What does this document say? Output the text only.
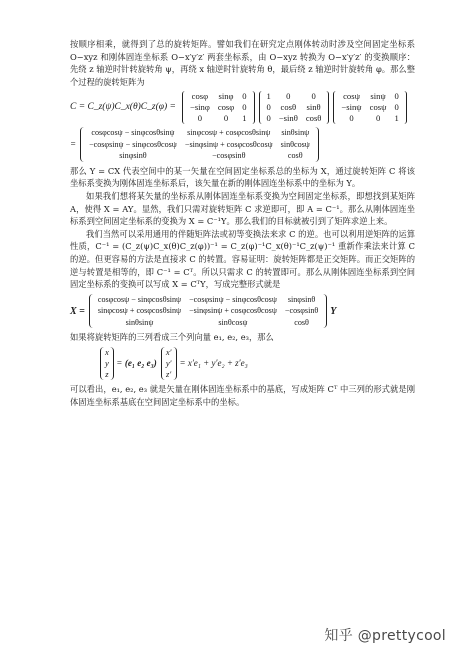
按顺序相乘，就得到了总的旋转矩阵。譬如我们在研究定点刚体转动时涉及空间固定坐标系 O−xyz 和刚体固连坐标系 O−x′y′z′ 两套坐标系，由 O−xyz 转换为 O−x′y′z′ 的变换顺序：先绕 z 轴逆时针转旋转角 ψ，再绕 x 轴逆时针旋转角 θ，最后绕 z 轴逆时针旋转角 φ。那么整个过程的旋转矩阵为

C = C_z(ψ)C_x(θ)C_z(φ) =
cosφ	sinφ	0
−sinφ	cosφ	0
0	0	1
1	0	0
0	cosθ	sinθ
0	−sinθ	cosθ
cosψ	sinψ	0
−sinψ	cosψ	0
0	0	1
=
cosφcosψ − sinφcosθsinψ	sinφcosψ + cosφcosθsinψ	sinθsinψ
−cosφsinψ − sinφcosθcosψ	−sinφsinψ + cosφcosθcosψ	sinθcosψ
sinφsinθ	−cosφsinθ	cosθ

那么 Y = CX 代表空间中的某一矢量在空间固定坐标系总的坐标为 X，通过旋转矩阵 C 将该坐标系变换为刚体固连坐标系后，该矢量在新的刚体固连坐标系中的坐标为 Y。

如果我们想将某矢量的坐标系从刚体固连坐标系变换为空间固定坐标系，即想找到某矩阵 A，使得 X = AY。显然，我们只需对旋转矩阵 C 求逆即可，即 A = C⁻¹。那么从刚体固连坐标系到空间固定坐标系的变换为 X = C⁻¹Y。那么我们的目标就被引到了矩阵求逆上来。

我们当然可以采用通用的伴随矩阵法或初等变换法来求 C 的逆。也可以利用逆矩阵的运算性质，C⁻¹ = (C_z(ψ)C_x(θ)C_z(φ))⁻¹ = C_z(φ)⁻¹C_x(θ)⁻¹C_z(ψ)⁻¹ 重新作乘法来计算 C 的逆。但更容易的方法是直接求 C 的转置。容易证明：旋转矩阵都是正交矩阵。而正交矩阵的逆与转置是相等的，即 C⁻¹ = Cᵀ。所以只需求 C 的转置即可。那么从刚体固连坐标系到空间固定坐标系的变换可以写成 X = CᵀY，写成完整形式就是

X =
cosφcosψ − sinφcosθsinψ	−cosφsinψ − sinφcosθcosψ	sinφsinθ
sinφcosψ + cosφcosθsinψ	−sinφsinψ + cosφcosθcosψ	−cosφsinθ
sinθsinψ	sinθcosψ	cosθ
Y

如果将旋转矩阵的三列看成三个列向量 e₁, e₂, e₃，那么

x
y
z
= (e₁ e₂ e₃)
x′
y′
z′
= x′e₁ + y′e₂ + z′e₃

可以看出，e₁, e₂, e₃ 就是矢量在刚体固连坐标系中的基底，写成矩阵 Cᵀ 中三列的形式就是刚体固连坐标系基底在空间固定坐标系中的坐标。

知乎 @prettycool
